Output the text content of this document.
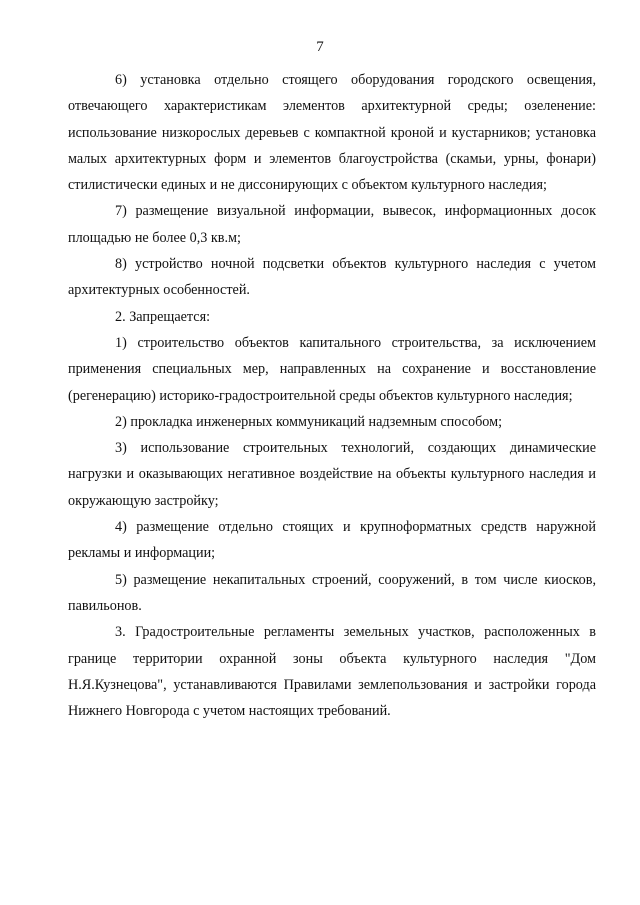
7

6) установка отдельно стоящего оборудования городского освещения, отвечающего характеристикам элементов архитектурной среды; озеленение: использование низкорослых деревьев с компактной кроной и кустарников; установка малых архитектурных форм и элементов благоустройства (скамьи, урны, фонари) стилистически единых и не диссонирующих с объектом культурного наследия;

7) размещение визуальной информации, вывесок, информационных досок площадью не более 0,3 кв.м;

8) устройство ночной подсветки объектов культурного наследия с учетом архитектурных особенностей.

2. Запрещается:

1) строительство объектов капитального строительства, за исключением применения специальных мер, направленных на сохранение и восстановление (регенерацию) историко-градостроительной среды объектов культурного наследия;

2) прокладка инженерных коммуникаций надземным способом;

3) использование строительных технологий, создающих динамические нагрузки и оказывающих негативное воздействие на объекты культурного наследия и окружающую застройку;

4) размещение отдельно стоящих и крупноформатных средств наружной рекламы и информации;

5) размещение некапитальных строений, сооружений, в том числе киосков, павильонов.

3. Градостроительные регламенты земельных участков, расположенных в границе территории охранной зоны объекта культурного наследия "Дом Н.Я.Кузнецова", устанавливаются Правилами землепользования и застройки города Нижнего Новгорода с учетом настоящих требований.
